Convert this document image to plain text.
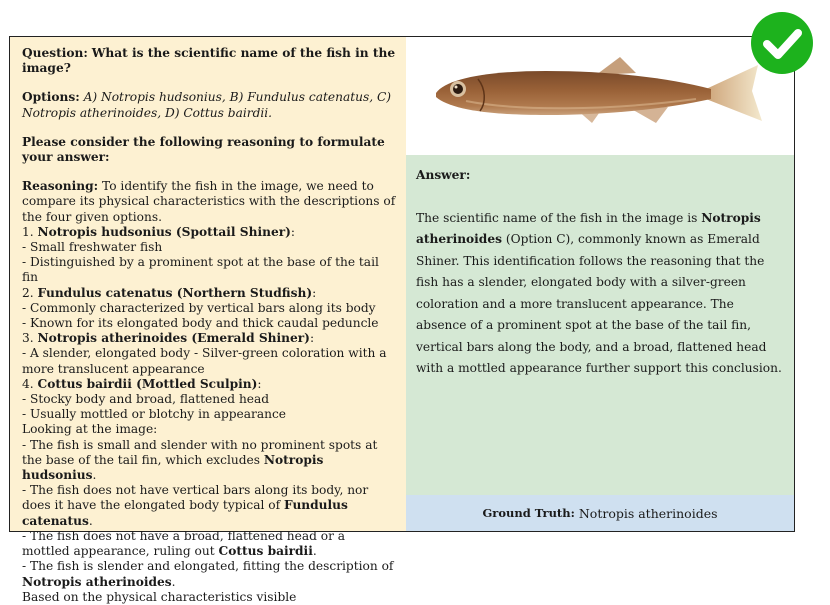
Question: What is the scientific name of the fish in the image?

Options: A) Notropis hudsonius, B) Fundulus catenatus, C) Notropis atherinoides, D) Cottus bairdii.

Please consider the following reasoning to formulate your answer:

Reasoning: To identify the fish in the image, we need to compare its physical characteristics with the descriptions of the four given options.

1. Notropis hudsonius (Spottail Shiner):

- Small freshwater fish

- Distinguished by a prominent spot at the base of the tail fin

2. Fundulus catenatus (Northern Studfish):

- Commonly characterized by vertical bars along its body

- Known for its elongated body and thick caudal peduncle

3. Notropis atherinoides (Emerald Shiner):

- A slender, elongated body - Silver-green coloration with a more translucent appearance

4. Cottus bairdii (Mottled Sculpin):

- Stocky body and broad, flattened head

- Usually mottled or blotchy in appearance

Looking at the image:

- The fish is small and slender with no prominent spots at the base of the tail fin, which excludes Notropis hudsonius.

- The fish does not have vertical bars along its body, nor does it have the elongated body typical of Fundulus catenatus.

- The fish does not have a broad, flattened head or a mottled appearance, ruling out Cottus bairdii.

- The fish is slender and elongated, fitting the description of Notropis atherinoides.

Based on the physical characteristics visible

Answer:

The scientific name of the fish in the image is Notropis atherinoides (Option C), commonly known as Emerald Shiner. This identification follows the reasoning that the fish has a slender, elongated body with a silver-green coloration and a more translucent appearance. The absence of a prominent spot at the base of the tail fin, vertical bars along the body, and a broad, flattened head with a mottled appearance further support this conclusion.

Ground Truth: Notropis atherinoides
